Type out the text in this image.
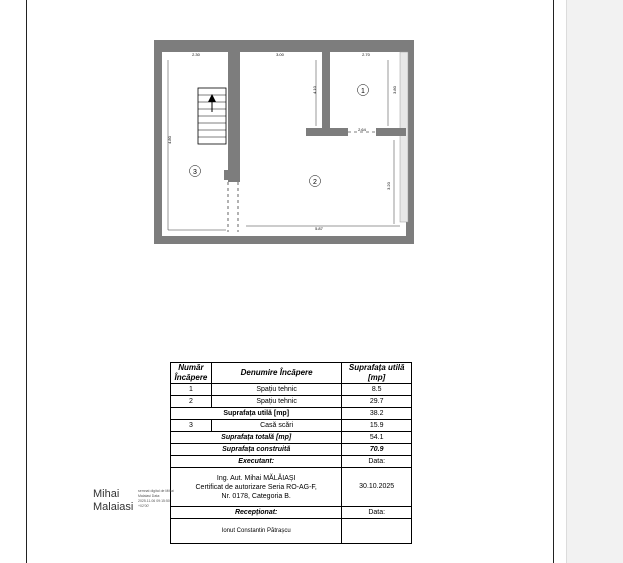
1
2
3
2.30	3.00	2.70
2.64
5.87
4.10	3.80
4.80
3.20
Număr Încăpere	Denumire Încăpere	Suprafața utilă [mp]
1	Spațiu tehnic	8.5
2	Spațiu tehnic	29.7
Suprafața utilă [mp]		38.2
3	Casă scări	15.9
Suprafața totală [mp]		54.1
Suprafața construită		70.9
Executant:		Data:

Ing. Aut. Mihai MĂLĂIAȘI
Certificat de autorizare Seria RO-AG-F,
Nr. 0178, Categoria B.		30.10.2025
Recepționat:		Data:
Ionut Constantin Pătrașcu		
Mihai
Malaiasi
semnat digital de Mihai Malaiasi Data: 2025.11.06 09:15:50 +02'00'
